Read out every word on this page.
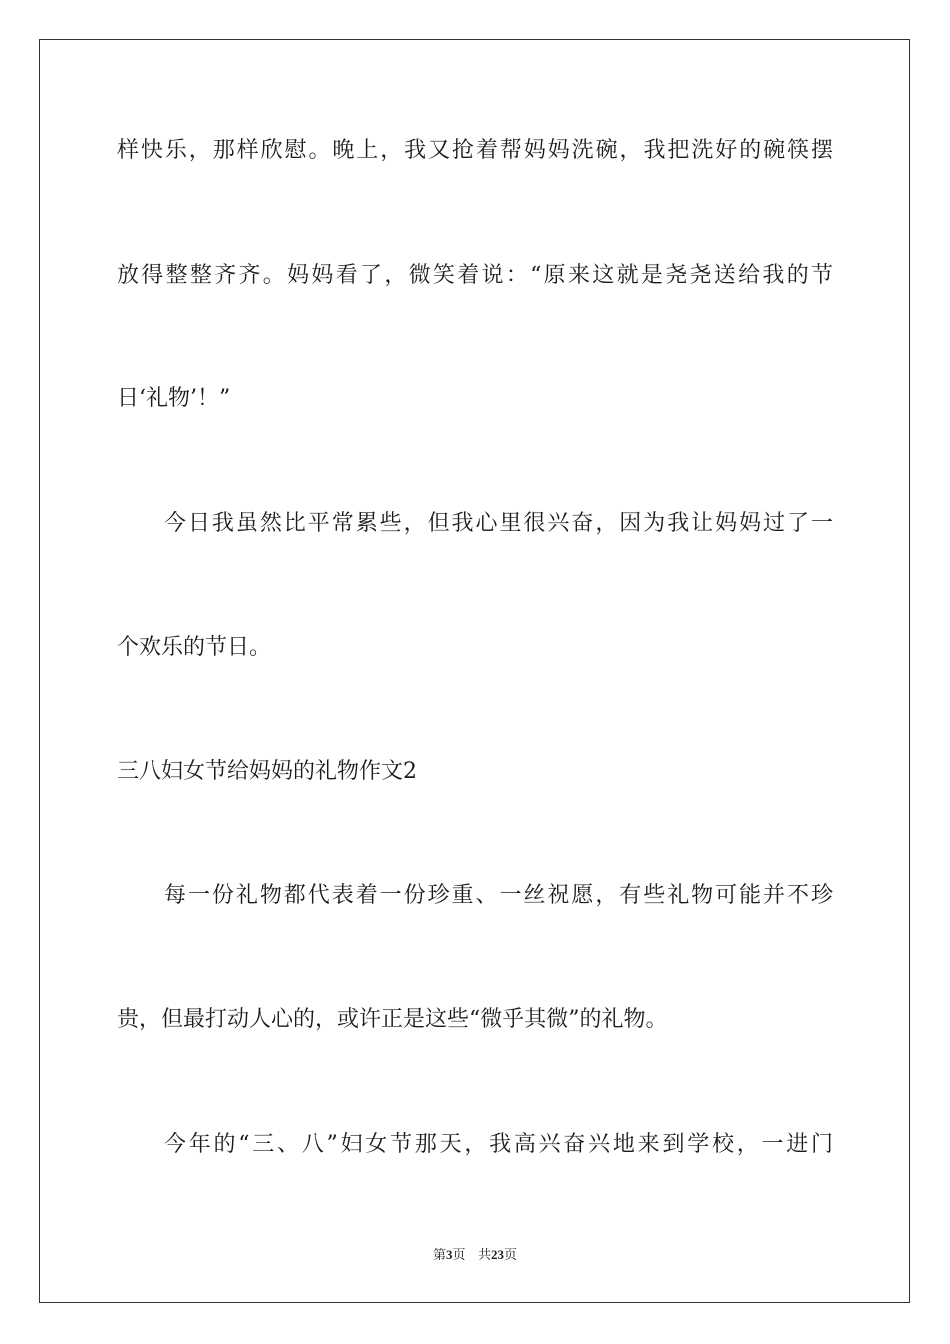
样快乐，那样欣慰。晚上，我又抢着帮妈妈洗碗，我把洗好的碗筷摆
放得整整齐齐。妈妈看了，微笑着说：“原来这就是尧尧送给我的节
日‘礼物’！”
今日我虽然比平常累些，但我心里很兴奋，因为我让妈妈过了一
个欢乐的节日。
三八妇女节给妈妈的礼物作文2
每一份礼物都代表着一份珍重、一丝祝愿，有些礼物可能并不珍
贵，但最打动人心的，或许正是这些“微乎其微”的礼物。
今年的“三、八”妇女节那天，我高兴奋兴地来到学校，一进门
第3页 共23页
